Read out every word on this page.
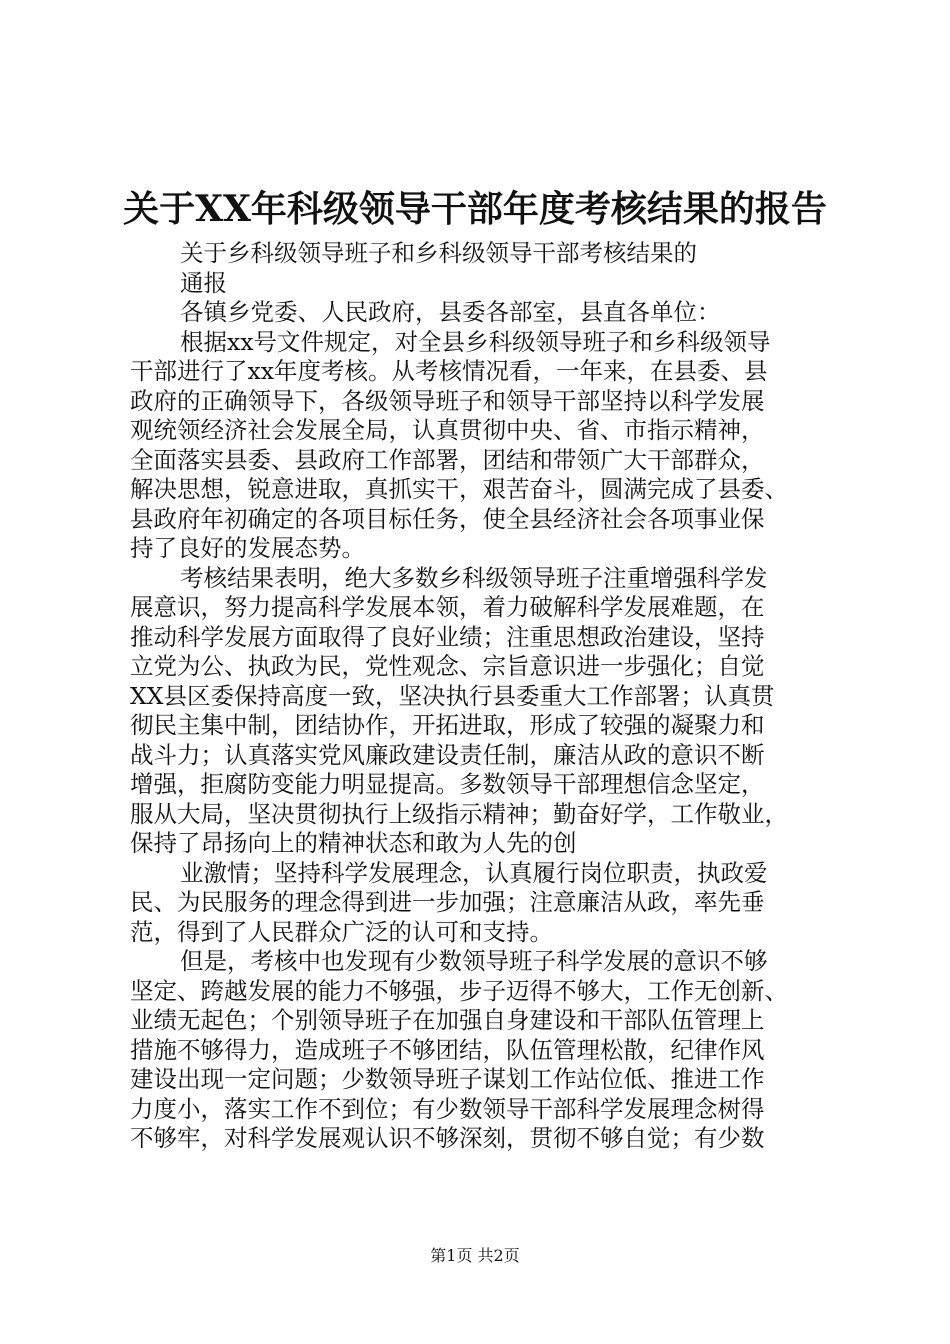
关于XX年科级领导干部年度考核结果的报告
关于乡科级领导班子和乡科级领导干部考核结果的
通报
各镇乡党委、人民政府，县委各部室，县直各单位：
根据xx号文件规定，对全县乡科级领导班子和乡科级领导
干部进行了xx年度考核。从考核情况看，一年来，在县委、县
政府的正确领导下，各级领导班子和领导干部坚持以科学发展
观统领经济社会发展全局，认真贯彻中央、省、市指示精神，
全面落实县委、县政府工作部署，团结和带领广大干部群众，
解决思想，锐意进取，真抓实干，艰苦奋斗，圆满完成了县委、
县政府年初确定的各项目标任务，使全县经济社会各项事业保
持了良好的发展态势。
考核结果表明，绝大多数乡科级领导班子注重增强科学发
展意识，努力提高科学发展本领，着力破解科学发展难题，在
推动科学发展方面取得了良好业绩；注重思想政治建设，坚持
立党为公、执政为民，党性观念、宗旨意识进一步强化；自觉
XX县区委保持高度一致，坚决执行县委重大工作部署；认真贯
彻民主集中制，团结协作，开拓进取，形成了较强的凝聚力和
战斗力；认真落实党风廉政建设责任制，廉洁从政的意识不断
增强，拒腐防变能力明显提高。多数领导干部理想信念坚定，
服从大局，坚决贯彻执行上级指示精神；勤奋好学，工作敬业，
保持了昂扬向上的精神状态和敢为人先的创
业激情；坚持科学发展理念，认真履行岗位职责，执政爱
民、为民服务的理念得到进一步加强；注意廉洁从政，率先垂
范，得到了人民群众广泛的认可和支持。
但是，考核中也发现有少数领导班子科学发展的意识不够
坚定、跨越发展的能力不够强，步子迈得不够大，工作无创新、
业绩无起色；个别领导班子在加强自身建设和干部队伍管理上
措施不够得力，造成班子不够团结，队伍管理松散，纪律作风
建设出现一定问题；少数领导班子谋划工作站位低、推进工作
力度小，落实工作不到位；有少数领导干部科学发展理念树得
不够牢，对科学发展观认识不够深刻，贯彻不够自觉；有少数
第1页 共2页
